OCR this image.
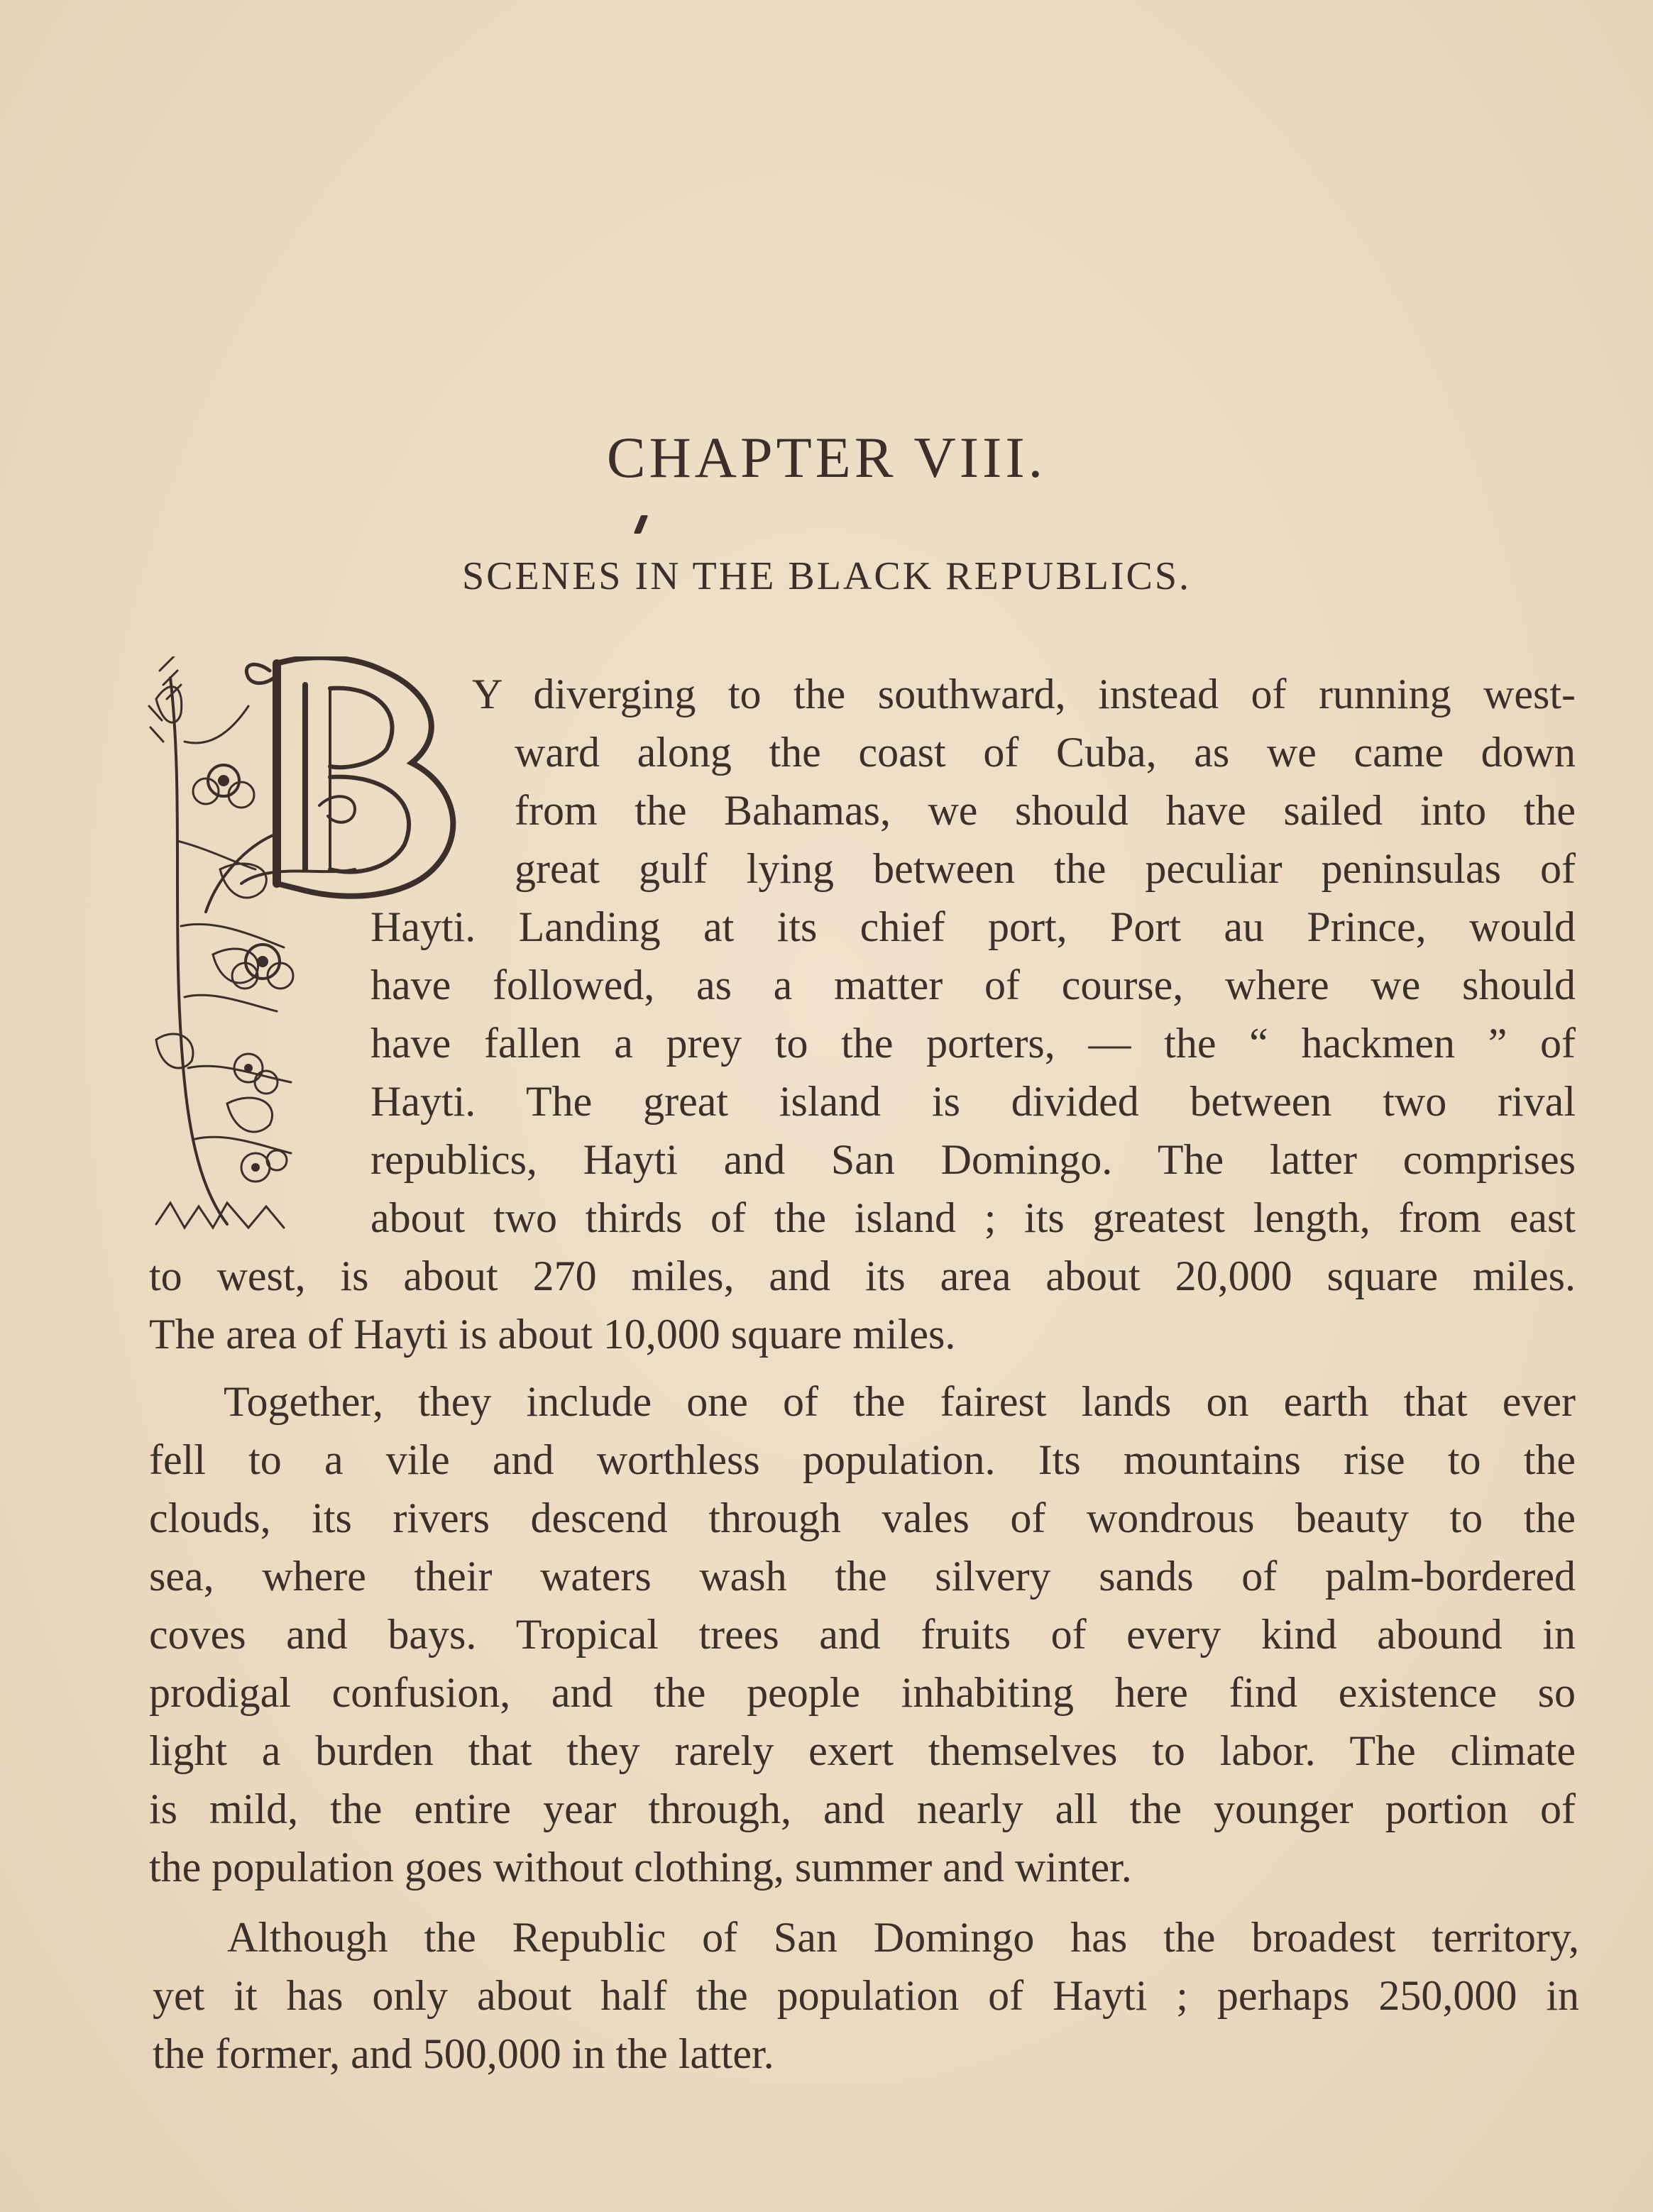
CHAPTER VIII.
SCENES IN THE BLACK REPUBLICS.
Y diverging to the southward, instead of running west-
ward along the coast of Cuba, as we came down
from the Bahamas, we should have sailed into the
great gulf lying between the peculiar peninsulas of
Hayti. Landing at its chief port, Port au Prince, would
have followed, as a matter of course, where we should
have fallen a prey to the porters, — the “ hackmen ” of
Hayti. The great island is divided between two rival
republics, Hayti and San Domingo. The latter comprises
about two thirds of the island ; its greatest length, from east
to west, is about 270 miles, and its area about 20,000 square miles.
The area of Hayti is about 10,000 square miles.
Together, they include one of the fairest lands on earth that ever
fell to a vile and worthless population. Its mountains rise to the
clouds, its rivers descend through vales of wondrous beauty to the
sea, where their waters wash the silvery sands of palm-bordered
coves and bays. Tropical trees and fruits of every kind abound in
prodigal confusion, and the people inhabiting here find existence so
light a burden that they rarely exert themselves to labor. The climate
is mild, the entire year through, and nearly all the younger portion of
the population goes without clothing, summer and winter.
Although the Republic of San Domingo has the broadest territory,
yet it has only about half the population of Hayti ; perhaps 250,000 in
the former, and 500,000 in the latter.
